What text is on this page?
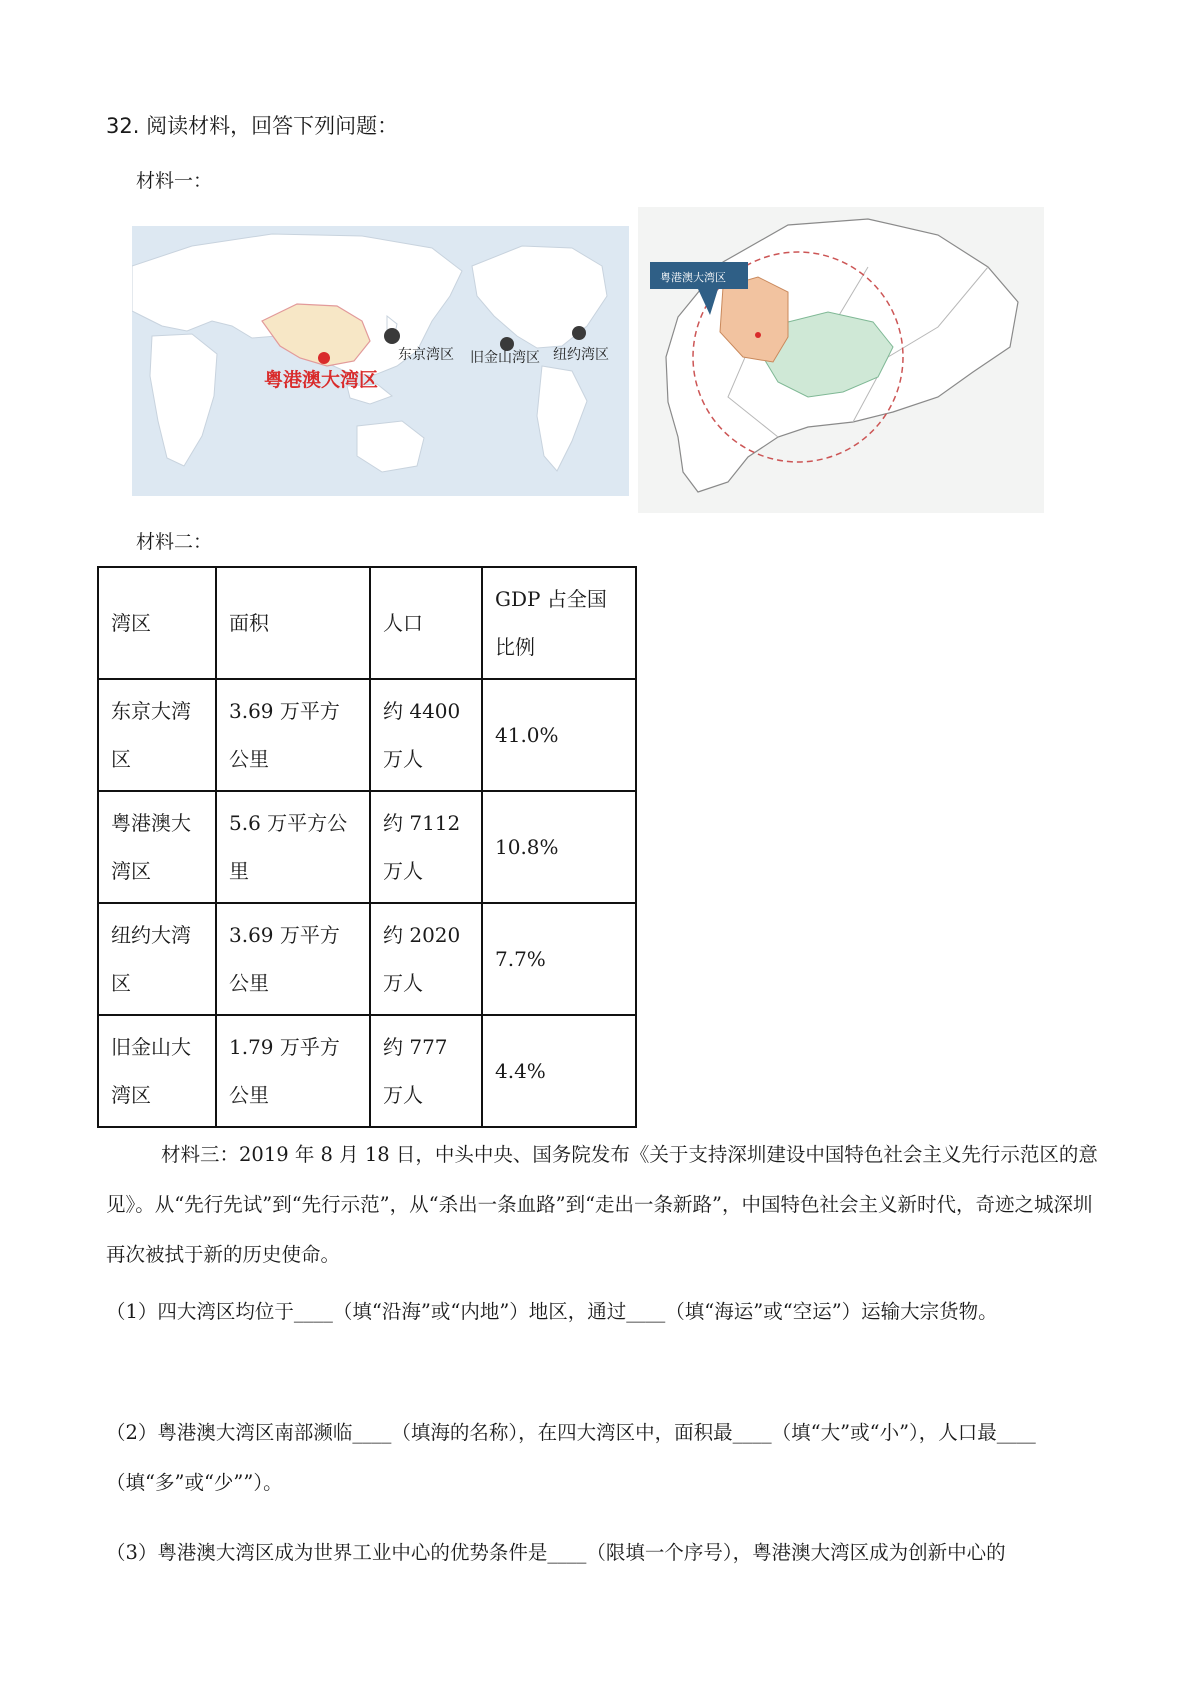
32. 阅读材料，回答下列问题：
材料一：
东京湾区
粤港澳大湾区
旧金山湾区 纽约湾区
粤港澳大湾区
材料二：
湾区	面积	人口	GDP 占全国比例
东京大湾区	3.69 万平方公里	约 4400 万人	41.0%
粤港澳大湾区	5.6 万平方公里	约 7112 万人	10.8%
纽约大湾区	3.69 万平方公里	约 2020 万人	7.7%
旧金山大湾区	1.79 万乎方公里	约 777 万人	4.4%
材料三：2019 年 8 月 18 日，中头中央、国务院发布《关于支持深圳建设中国特色社会主义先行示范区的意见》。从“先行先试”到“先行示范”，从“杀出一条血路”到“走出一条新路”，中国特色社会主义新时代，奇迹之城深圳再次被拭于新的历史使命。
（1）四大湾区均位于____（填“沿海”或“内地”）地区，通过____（填“海运”或“空运”）运输大宗货物。
（2）粤港澳大湾区南部濒临____（填海的名称），在四大湾区中，面积最____（填“大”或“小”），人口最____（填“多”或“少””）。
（3）粤港澳大湾区成为世界工业中心的优势条件是____（限填一个序号），粤港澳大湾区成为创新中心的
